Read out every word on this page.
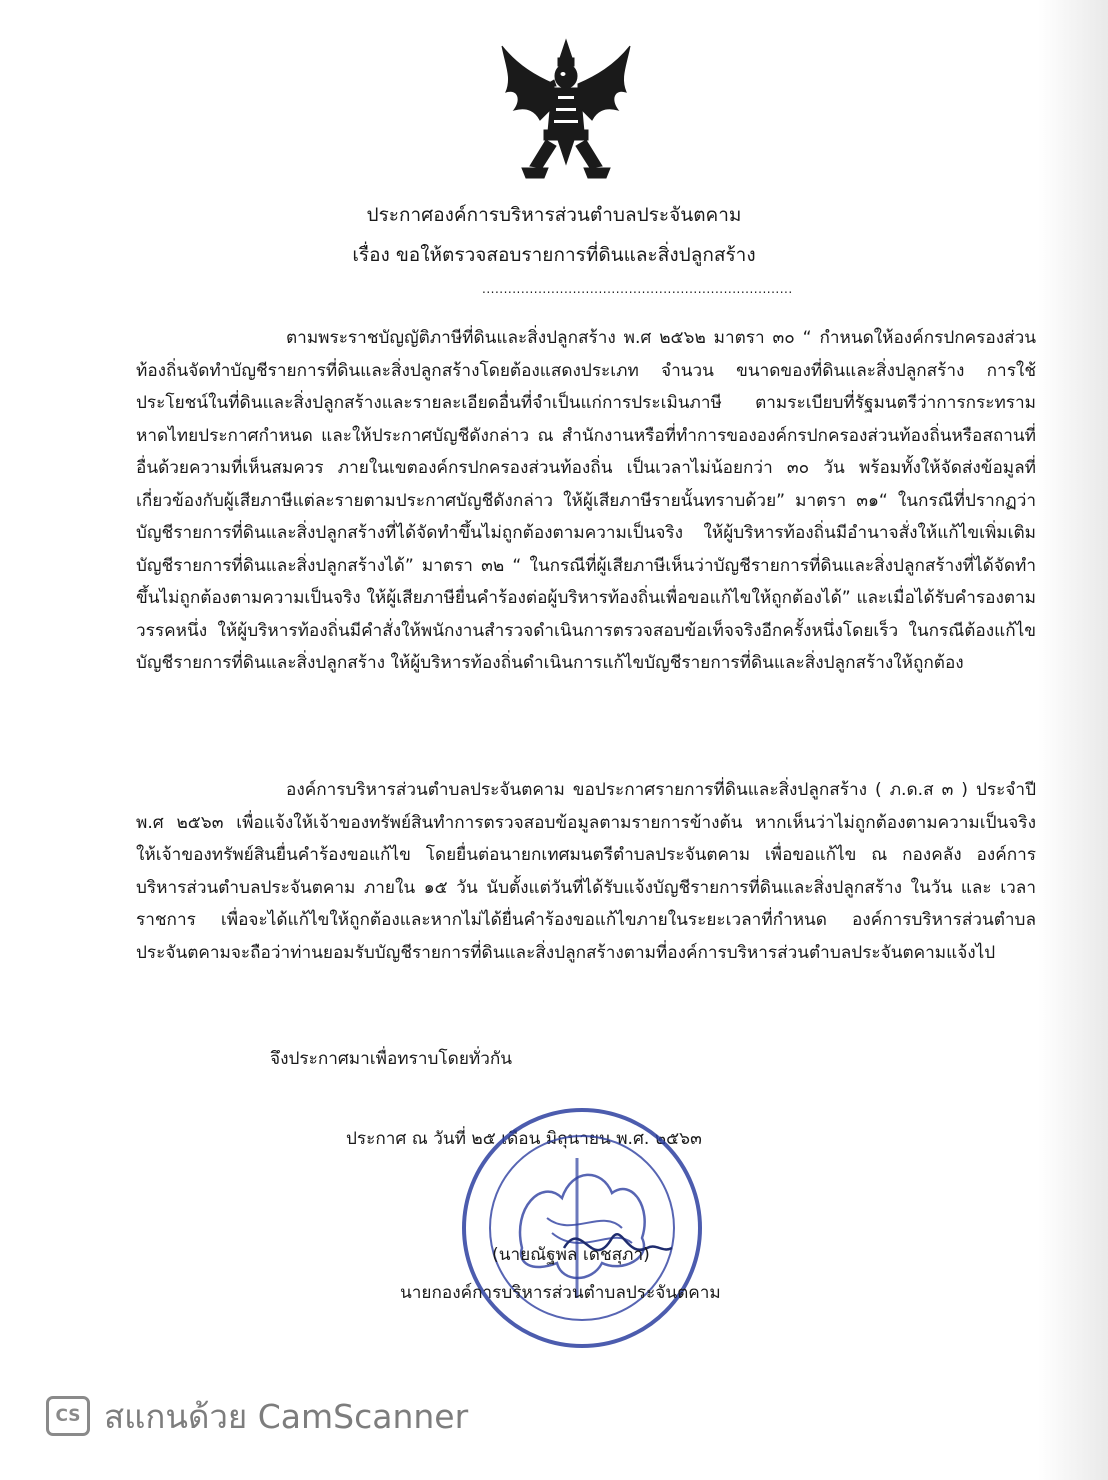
ประกาศองค์การบริหารส่วนตำบลประจันตคาม
เรื่อง ขอให้ตรวจสอบรายการที่ดินและสิ่งปลูกสร้าง
........................................................................

ตามพระราชบัญญัติภาษีที่ดินและสิ่งปลูกสร้าง พ.ศ ๒๕๖๒ มาตรา ๓๐ “ กำหนดให้องค์กรปกครองส่วนท้องถิ่นจัดทำบัญชีรายการที่ดินและสิ่งปลูกสร้างโดยต้องแสดงประเภท จำนวน ขนาดของที่ดินและสิ่งปลูกสร้าง การใช้ประโยชน์ในที่ดินและสิ่งปลูกสร้างและรายละเอียดอื่นที่จำเป็นแก่การประเมินภาษี ตามระเบียบที่รัฐมนตรีว่าการกระทรามหาดไทยประกาศกำหนด และให้ประกาศบัญชีดังกล่าว ณ สำนักงานหรือที่ทำการขององค์กรปกครองส่วนท้องถิ่นหรือสถานที่อื่นด้วยความที่เห็นสมควร ภายในเขตองค์กรปกครองส่วนท้องถิ่น เป็นเวลาไม่น้อยกว่า ๓๐ วัน พร้อมทั้งให้จัดส่งข้อมูลที่เกี่ยวข้องกับผู้เสียภาษีแต่ละรายตามประกาศบัญชีดังกล่าว ให้ผู้เสียภาษีรายนั้นทราบด้วย” มาตรา ๓๑“ ในกรณีที่ปรากฏว่าบัญชีรายการที่ดินและสิ่งปลูกสร้างที่ได้จัดทำขึ้นไม่ถูกต้องตามความเป็นจริง ให้ผู้บริหารท้องถิ่นมีอำนาจสั่งให้แก้ไขเพิ่มเติมบัญชีรายการที่ดินและสิ่งปลูกสร้างได้” มาตรา ๓๒ “ ในกรณีที่ผู้เสียภาษีเห็นว่าบัญชีรายการที่ดินและสิ่งปลูกสร้างที่ได้จัดทำขึ้นไม่ถูกต้องตามความเป็นจริง ให้ผู้เสียภาษียื่นคำร้องต่อผู้บริหารท้องถิ่นเพื่อขอแก้ไขให้ถูกต้องได้” และเมื่อได้รับคำรองตามวรรคหนึ่ง ให้ผู้บริหารท้องถิ่นมีคำสั่งให้พนักงานสำรวจดำเนินการตรวจสอบข้อเท็จจริงอีกครั้งหนึ่งโดยเร็ว ในกรณีต้องแก้ไขบัญชีรายการที่ดินและสิ่งปลูกสร้าง ให้ผู้บริหารท้องถิ่นดำเนินการแก้ไขบัญชีรายการที่ดินและสิ่งปลูกสร้างให้ถูกต้อง

องค์การบริหารส่วนตำบลประจันตคาม ขอประกาศรายการที่ดินและสิ่งปลูกสร้าง ( ภ.ด.ส ๓ ) ประจำปี พ.ศ ๒๕๖๓ เพื่อแจ้งให้เจ้าของทรัพย์สินทำการตรวจสอบข้อมูลตามรายการข้างต้น หากเห็นว่าไม่ถูกต้องตามความเป็นจริง ให้เจ้าของทรัพย์สินยื่นคำร้องขอแก้ไข โดยยื่นต่อนายกเทศมนตรีตำบลประจันตคาม เพื่อขอแก้ไข ณ กองคลัง องค์การบริหารส่วนตำบลประจันตคาม ภายใน ๑๕ วัน นับตั้งแต่วันที่ได้รับแจ้งบัญชีรายการที่ดินและสิ่งปลูกสร้าง ในวัน และ เวลา ราชการ เพื่อจะได้แก้ไขให้ถูกต้องและหากไม่ได้ยื่นคำร้องขอแก้ไขภายในระยะเวลาที่กำหนด องค์การบริหารส่วนตำบลประจันตคามจะถือว่าท่านยอมรับบัญชีรายการที่ดินและสิ่งปลูกสร้างตามที่องค์การบริหารส่วนตำบลประจันตคามแจ้งไป

จึงประกาศมาเพื่อทราบโดยทั่วกัน
ประกาศ ณ วันที่ ๒๕ เดือน มิถุนายน พ.ศ. ๒๕๖๓
(นายณัฐพล เดชสุภา)
นายกองค์การบริหารส่วนตำบลประจันตคาม
CS สแกนด้วย CamScanner
